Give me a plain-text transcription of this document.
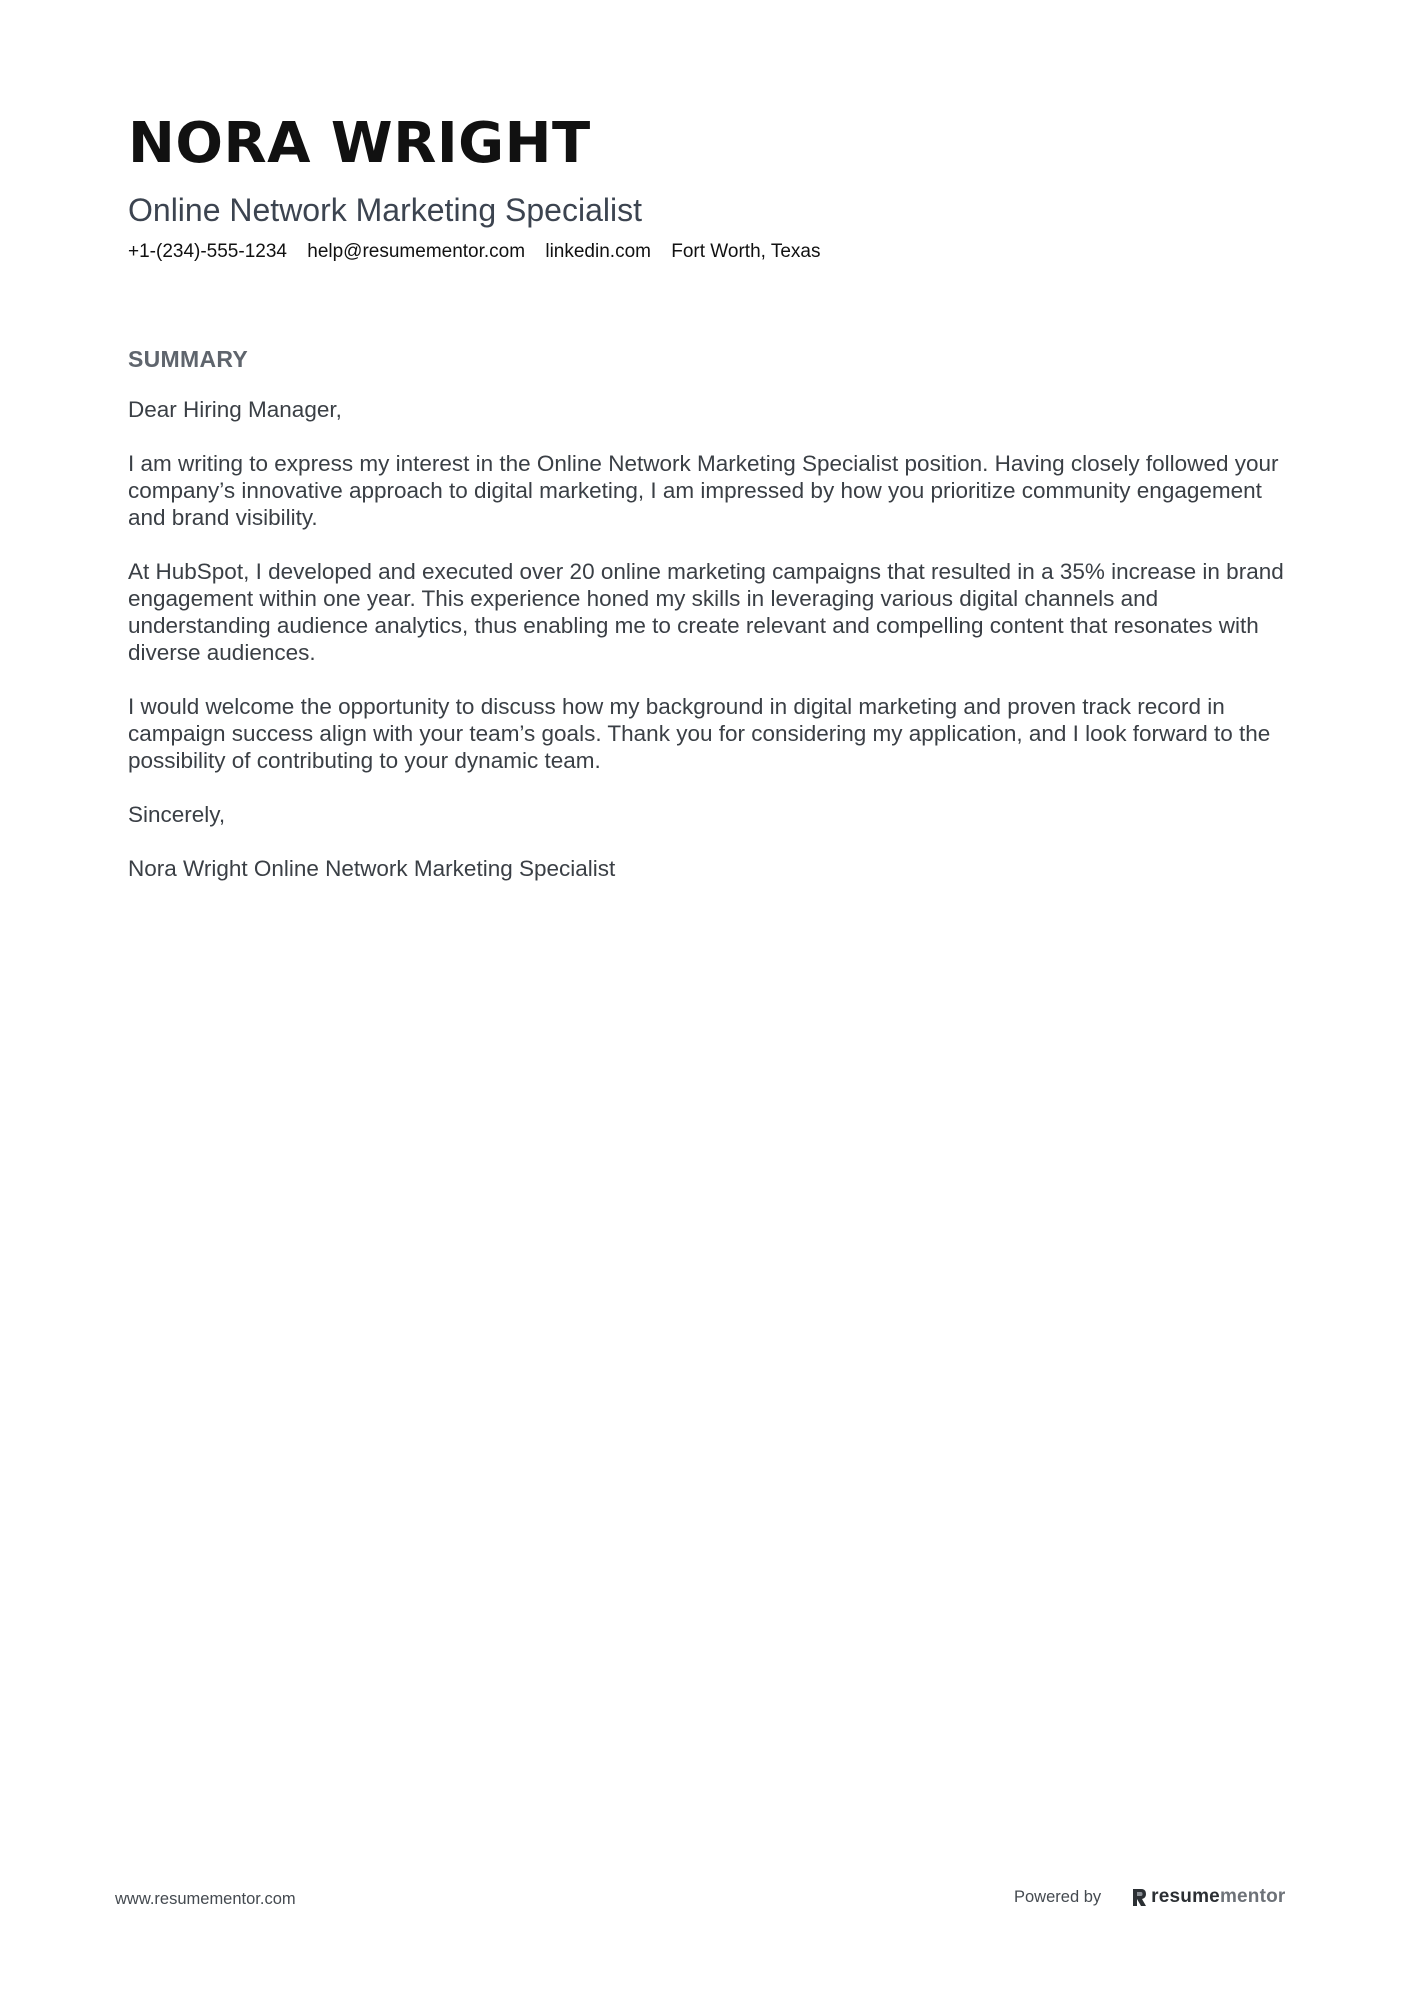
NORA WRIGHT
Online Network Marketing Specialist
+1-(234)-555-1234 help@resumementor.com linkedin.com Fort Worth, Texas
SUMMARY

Dear Hiring Manager,

I am writing to express my interest in the Online Network Marketing Specialist position. Having closely followed your company’s innovative approach to digital marketing, I am impressed by how you prioritize community engagement and brand visibility.

At HubSpot, I developed and executed over 20 online marketing campaigns that resulted in a 35% increase in brand engagement within one year. This experience honed my skills in leveraging various digital channels and understanding audience analytics, thus enabling me to create relevant and compelling content that resonates with diverse audiences.

I would welcome the opportunity to discuss how my background in digital marketing and proven track record in campaign success align with your team’s goals. Thank you for considering my application, and I look forward to the possibility of contributing to your dynamic team.

Sincerely,

Nora Wright Online Network Marketing Specialist

www.resumementor.com	Powered by	resumementor
